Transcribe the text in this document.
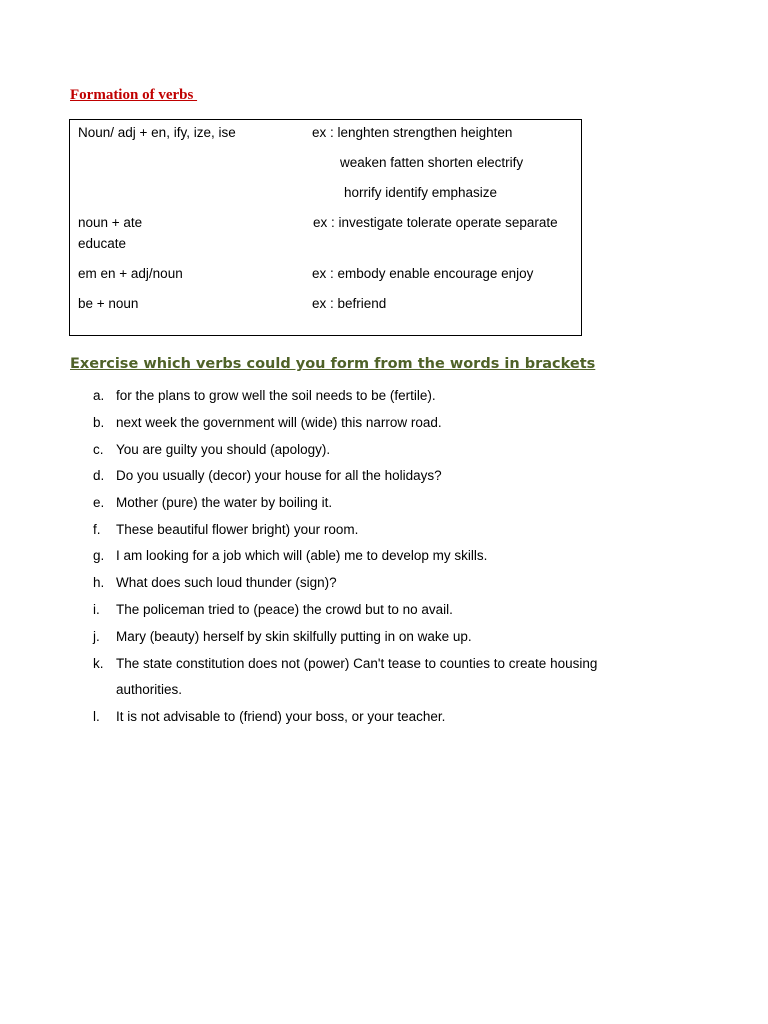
Formation of verbs
Noun/ adj + en, ify, ize, ise	ex : lenghten strengthen heighten
weaken fatten shorten electrify
horrify identify emphasize
noun + ate	ex : investigate tolerate operate separate
educate
em en + adj/noun	ex : embody enable encourage enjoy
be + noun	ex : befriend
Exercise which verbs could you form from the words in brackets
a. for the plans to grow well the soil needs to be (fertile).
b. next week the government will (wide) this narrow road.
c. You are guilty you should (apology).
d. Do you usually (decor) your house for all the holidays?
e. Mother (pure) the water by boiling it.
f. These beautiful flower bright) your room.
g. I am looking for a job which will (able) me to develop my skills.
h. What does such loud thunder (sign)?
i. The policeman tried to (peace) the crowd but to no avail.
j. Mary (beauty) herself by skin skilfully putting in on wake up.
k. The state constitution does not (power) Can't tease to counties to create housing
authorities.
l. It is not advisable to (friend) your boss, or your teacher.
